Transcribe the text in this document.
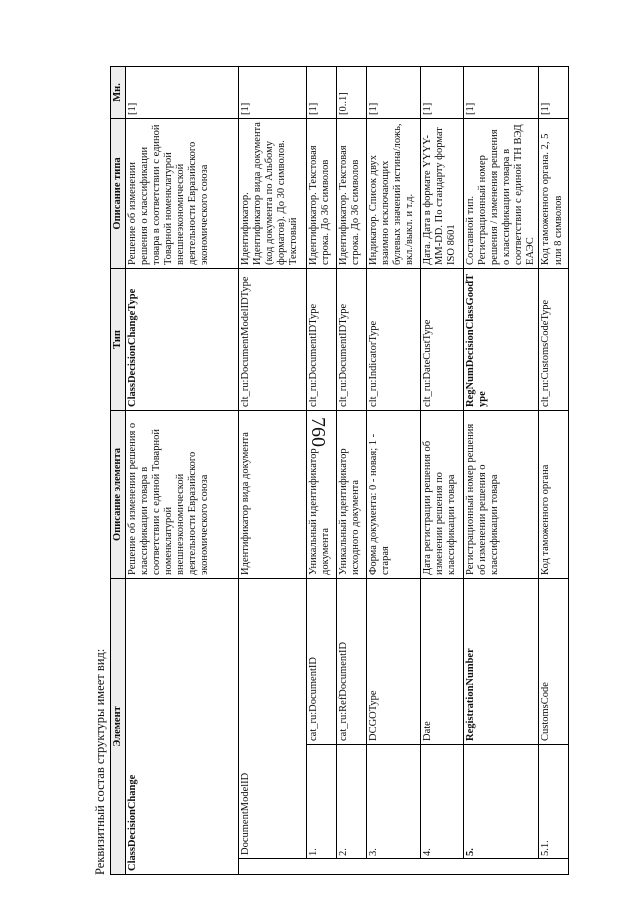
760
Реквизитный состав структуры имеет вид: Элемент			Описание элемента	Тип	Описание типа	Мн.
ClassDecisionChange			Решение об изменении решения о классификации товара в соответствии с единой Товарной номенклатурой внешнеэкономической деятельности Евразийского экономического союза	ClassDecisionChangeType	Решение об изменении решения о классификации товара в соответствии с единой Товарной номенклатурой внешнеэкономической деятельности Евразийского экономического союза	[1]
	DocumentModelID		Идентификатор вида документа	clt_ru:DocumentModelIDType	Идентификатор. Идентификатор вида документа (код документа по Альбому форматов). До 30 символов. Текстовый	[1]
	1.	cat_ru:DocumentID	Уникальный идентификатор документа	clt_ru:DocumentIDType	Идентификатор. Текстовая строка. До 36 символов	[1]
	2.	cat_ru:RefDocumentID	Уникальный идентификатор исходного документа	clt_ru:DocumentIDType	Идентификатор. Текстовая строка. До 36 символов	[0..1]
	3.	DCGOType	Форма документа: 0 - новая; 1 - старая	clt_ru:IndicatorType	Индикатор. Список двух взаимно исключающих булевых значений истина/ложь, вкл./выкл. и т.д.	[1]
	4.	Date	Дата регистрации решения об изменении решения по классификации товара	clt_ru:DateCustType	Дата. Дата в формате YYYY-MM-DD. По стандарту формат ISO 8601	[1]
	5.	RegistrationNumber	Регистрационный номер решения об изменении решения о классификации товара	RegNumDecisionClassGoodType	Составной тип. Регистрационный номер решения / изменения решения о классификации товара в соответствии с единой ТН ВЭД ЕАЭС	[1]
	5.1.	CustomsCode	Код таможенного органа	clt_ru:CustomsCodeType	Код таможенного органа. 2, 5 или 8 символов	[1]
